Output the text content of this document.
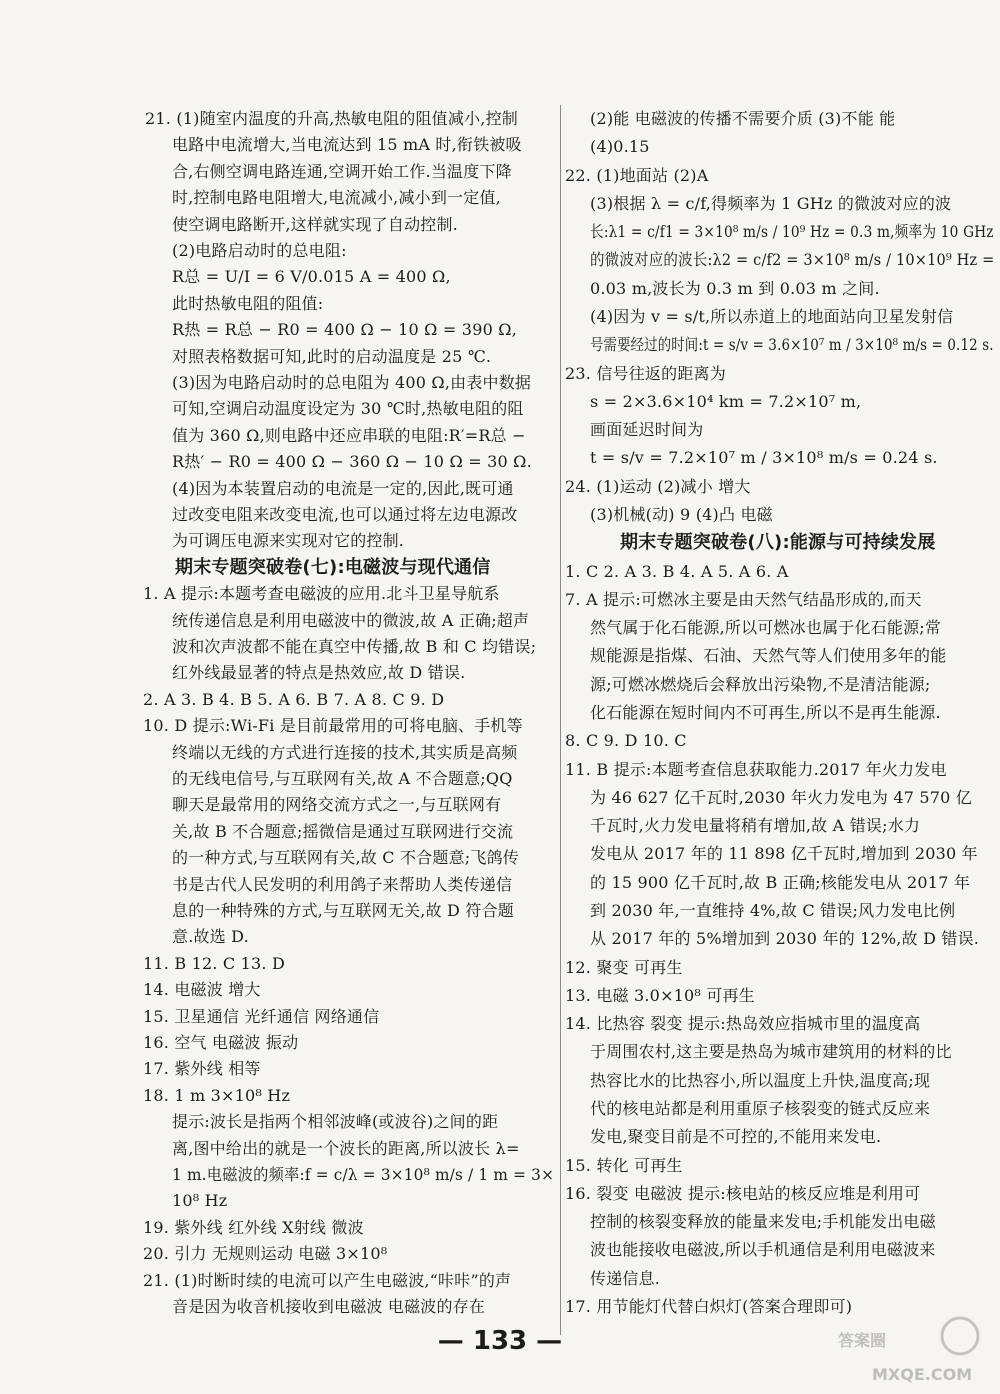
21. (1)随室内温度的升高,热敏电阻的阻值减小,控制
电路中电流增大,当电流达到 15 mA 时,衔铁被吸
合,右侧空调电路连通,空调开始工作.当温度下降
时,控制电路电阻增大,电流减小,减小到一定值,
使空调电路断开,这样就实现了自动控制.
(2)电路启动时的总电阻:
R总 = U/I = 6 V/0.015 A = 400 Ω,
此时热敏电阻的阻值:
R热 = R总 − R0 = 400 Ω − 10 Ω = 390 Ω,
对照表格数据可知,此时的启动温度是 25 ℃.
(3)因为电路启动时的总电阻为 400 Ω,由表中数据
可知,空调启动温度设定为 30 ℃时,热敏电阻的阻
值为 360 Ω,则电路中还应串联的电阻:R′=R总 −
R热′ − R0 = 400 Ω − 360 Ω − 10 Ω = 30 Ω.
(4)因为本装置启动的电流是一定的,因此,既可通
过改变电阻来改变电流,也可以通过将左边电源改
为可调压电源来实现对它的控制.
期末专题突破卷(七):电磁波与现代通信
1. A 提示:本题考查电磁波的应用.北斗卫星导航系
统传递信息是利用电磁波中的微波,故 A 正确;超声
波和次声波都不能在真空中传播,故 B 和 C 均错误;
红外线最显著的特点是热效应,故 D 错误.
2. A 3. B 4. B 5. A 6. B 7. A 8. C 9. D
10. D 提示:Wi-Fi 是目前最常用的可将电脑、手机等
终端以无线的方式进行连接的技术,其实质是高频
的无线电信号,与互联网有关,故 A 不合题意;QQ
聊天是最常用的网络交流方式之一,与互联网有
关,故 B 不合题意;摇微信是通过互联网进行交流
的一种方式,与互联网有关,故 C 不合题意;飞鸽传
书是古代人民发明的利用鸽子来帮助人类传递信
息的一种特殊的方式,与互联网无关,故 D 符合题
意.故选 D.
11. B 12. C 13. D
14. 电磁波 增大
15. 卫星通信 光纤通信 网络通信
16. 空气 电磁波 振动
17. 紫外线 相等
18. 1 m 3×10⁸ Hz
提示:波长是指两个相邻波峰(或波谷)之间的距
离,图中给出的就是一个波长的距离,所以波长 λ=
1 m.电磁波的频率:f = c/λ = 3×10⁸ m/s / 1 m = 3×
10⁸ Hz
19. 紫外线 红外线 X射线 微波
20. 引力 无规则运动 电磁 3×10⁸
21. (1)时断时续的电流可以产生电磁波,“咔咔”的声
音是因为收音机接收到电磁波 电磁波的存在
(2)能 电磁波的传播不需要介质 (3)不能 能
(4)0.15
22. (1)地面站 (2)A
(3)根据 λ = c/f,得频率为 1 GHz 的微波对应的波
长:λ1 = c/f1 = 3×10⁸ m/s / 10⁹ Hz = 0.3 m,频率为 10 GHz
的微波对应的波长:λ2 = c/f2 = 3×10⁸ m/s / 10×10⁹ Hz =
0.03 m,波长为 0.3 m 到 0.03 m 之间.
(4)因为 v = s/t,所以赤道上的地面站向卫星发射信
号需要经过的时间:t = s/v = 3.6×10⁷ m / 3×10⁸ m/s = 0.12 s.
23. 信号往返的距离为
s = 2×3.6×10⁴ km = 7.2×10⁷ m,
画面延迟时间为
t = s/v = 7.2×10⁷ m / 3×10⁸ m/s = 0.24 s.
24. (1)运动 (2)减小 增大
(3)机械(动) 9 (4)凸 电磁
期末专题突破卷(八):能源与可持续发展
1. C 2. A 3. B 4. A 5. A 6. A
7. A 提示:可燃冰主要是由天然气结晶形成的,而天
然气属于化石能源,所以可燃冰也属于化石能源;常
规能源是指煤、石油、天然气等人们使用多年的能
源;可燃冰燃烧后会释放出污染物,不是清洁能源;
化石能源在短时间内不可再生,所以不是再生能源.
8. C 9. D 10. C
11. B 提示:本题考查信息获取能力.2017 年火力发电
为 46 627 亿千瓦时,2030 年火力发电为 47 570 亿
千瓦时,火力发电量将稍有增加,故 A 错误;水力
发电从 2017 年的 11 898 亿千瓦时,增加到 2030 年
的 15 900 亿千瓦时,故 B 正确;核能发电从 2017 年
到 2030 年,一直维持 4%,故 C 错误;风力发电比例
从 2017 年的 5%增加到 2030 年的 12%,故 D 错误.
12. 聚变 可再生
13. 电磁 3.0×10⁸ 可再生
14. 比热容 裂变 提示:热岛效应指城市里的温度高
于周围农村,这主要是热岛为城市建筑用的材料的比
热容比水的比热容小,所以温度上升快,温度高;现
代的核电站都是利用重原子核裂变的链式反应来
发电,聚变目前是不可控的,不能用来发电.
15. 转化 可再生
16. 裂变 电磁波 提示:核电站的核反应堆是利用可
控制的核裂变释放的能量来发电;手机能发出电磁
波也能接收电磁波,所以手机通信是利用电磁波来
传递信息.
17. 用节能灯代替白炽灯(答案合理即可)
— 133 —	答案圈
MXQE.COM
